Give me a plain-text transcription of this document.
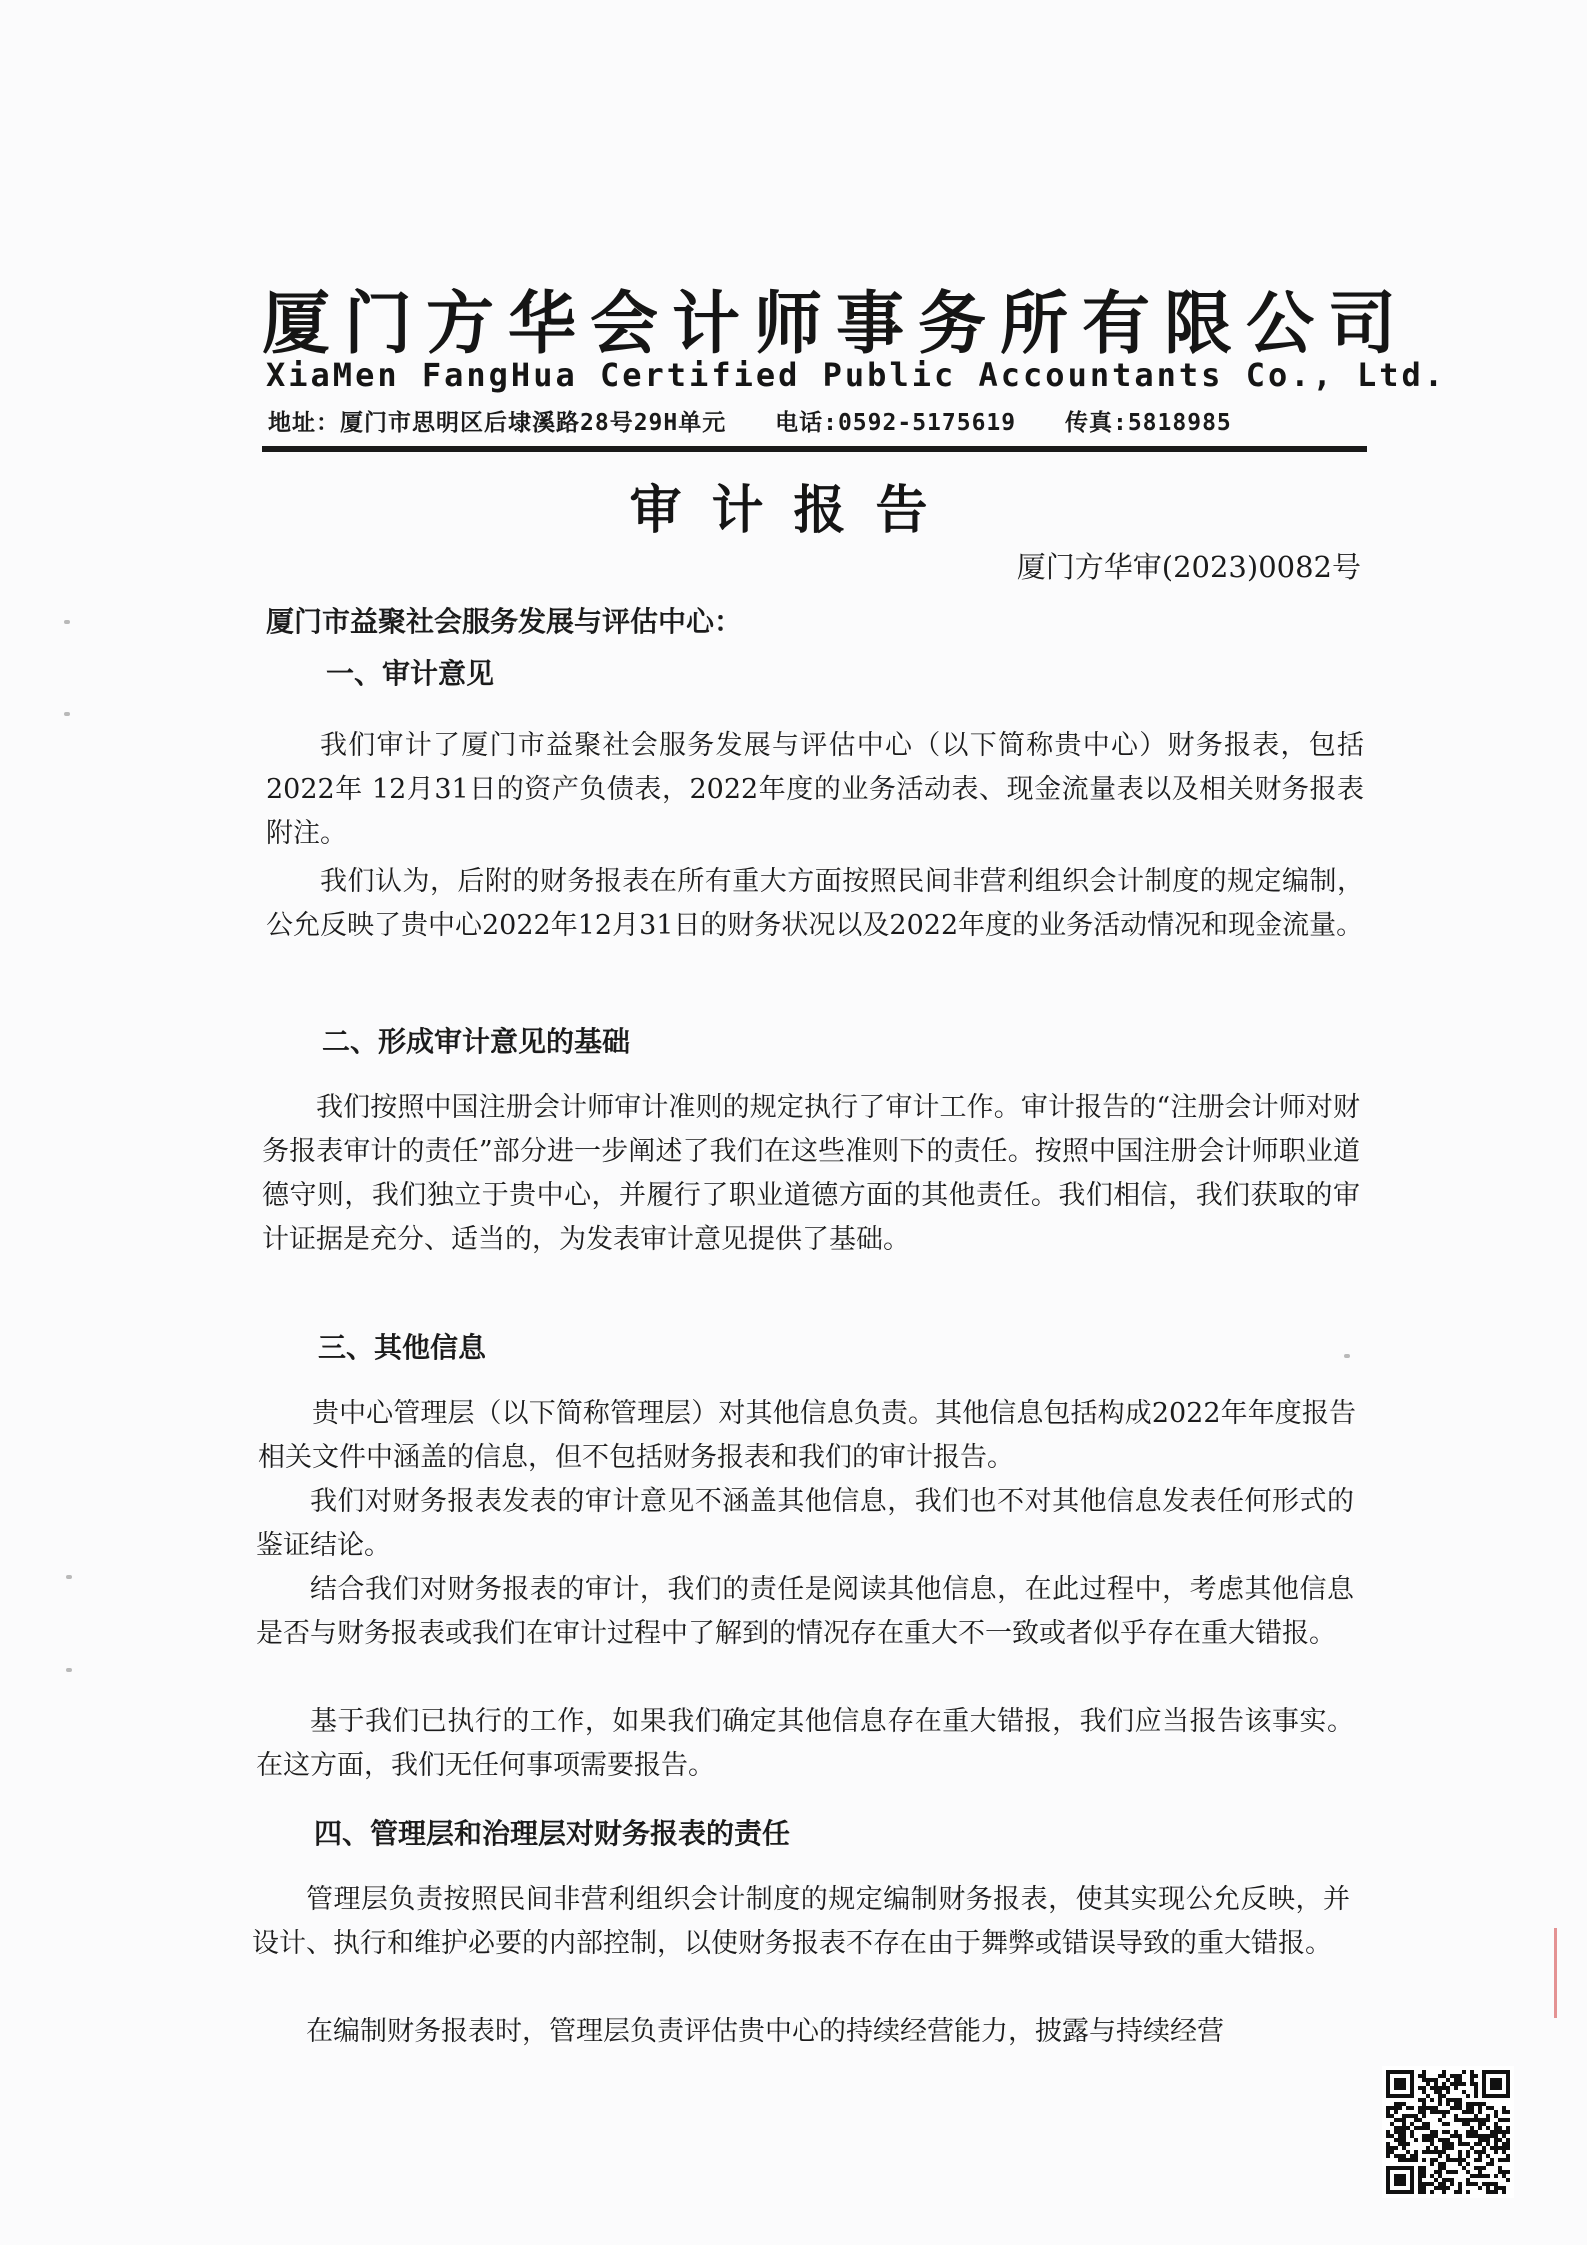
厦门方华会计师事务所有限公司
XiaMen FangHua Certified Public Accountants Co., Ltd.
地址：厦门市思明区后埭溪路28号29H单元 电话:0592-5175619 传真:5818985
审计报告
厦门方华审(2023)0082号
厦门市益聚社会服务发展与评估中心：
一、审计意见

我们审计了厦门市益聚社会服务发展与评估中心（以下简称贵中心）财务报表，包括2022年 12月31日的资产负债表，2022年度的业务活动表、现金流量表以及相关财务报表附注。

我们认为，后附的财务报表在所有重大方面按照民间非营利组织会计制度的规定编制，公允反映了贵中心2022年12月31日的财务状况以及2022年度的业务活动情况和现金流量。

二、形成审计意见的基础

我们按照中国注册会计师审计准则的规定执行了审计工作。审计报告的“注册会计师对财务报表审计的责任”部分进一步阐述了我们在这些准则下的责任。按照中国注册会计师职业道德守则，我们独立于贵中心，并履行了职业道德方面的其他责任。我们相信，我们获取的审计证据是充分、适当的，为发表审计意见提供了基础。

三、其他信息

贵中心管理层（以下简称管理层）对其他信息负责。其他信息包括构成2022年年度报告相关文件中涵盖的信息，但不包括财务报表和我们的审计报告。

我们对财务报表发表的审计意见不涵盖其他信息，我们也不对其他信息发表任何形式的鉴证结论。

结合我们对财务报表的审计，我们的责任是阅读其他信息，在此过程中，考虑其他信息是否与财务报表或我们在审计过程中了解到的情况存在重大不一致或者似乎存在重大错报。

基于我们已执行的工作，如果我们确定其他信息存在重大错报，我们应当报告该事实。在这方面，我们无任何事项需要报告。

四、管理层和治理层对财务报表的责任

管理层负责按照民间非营利组织会计制度的规定编制财务报表，使其实现公允反映，并设计、执行和维护必要的内部控制，以使财务报表不存在由于舞弊或错误导致的重大错报。

在编制财务报表时，管理层负责评估贵中心的持续经营能力，披露与持续经营
